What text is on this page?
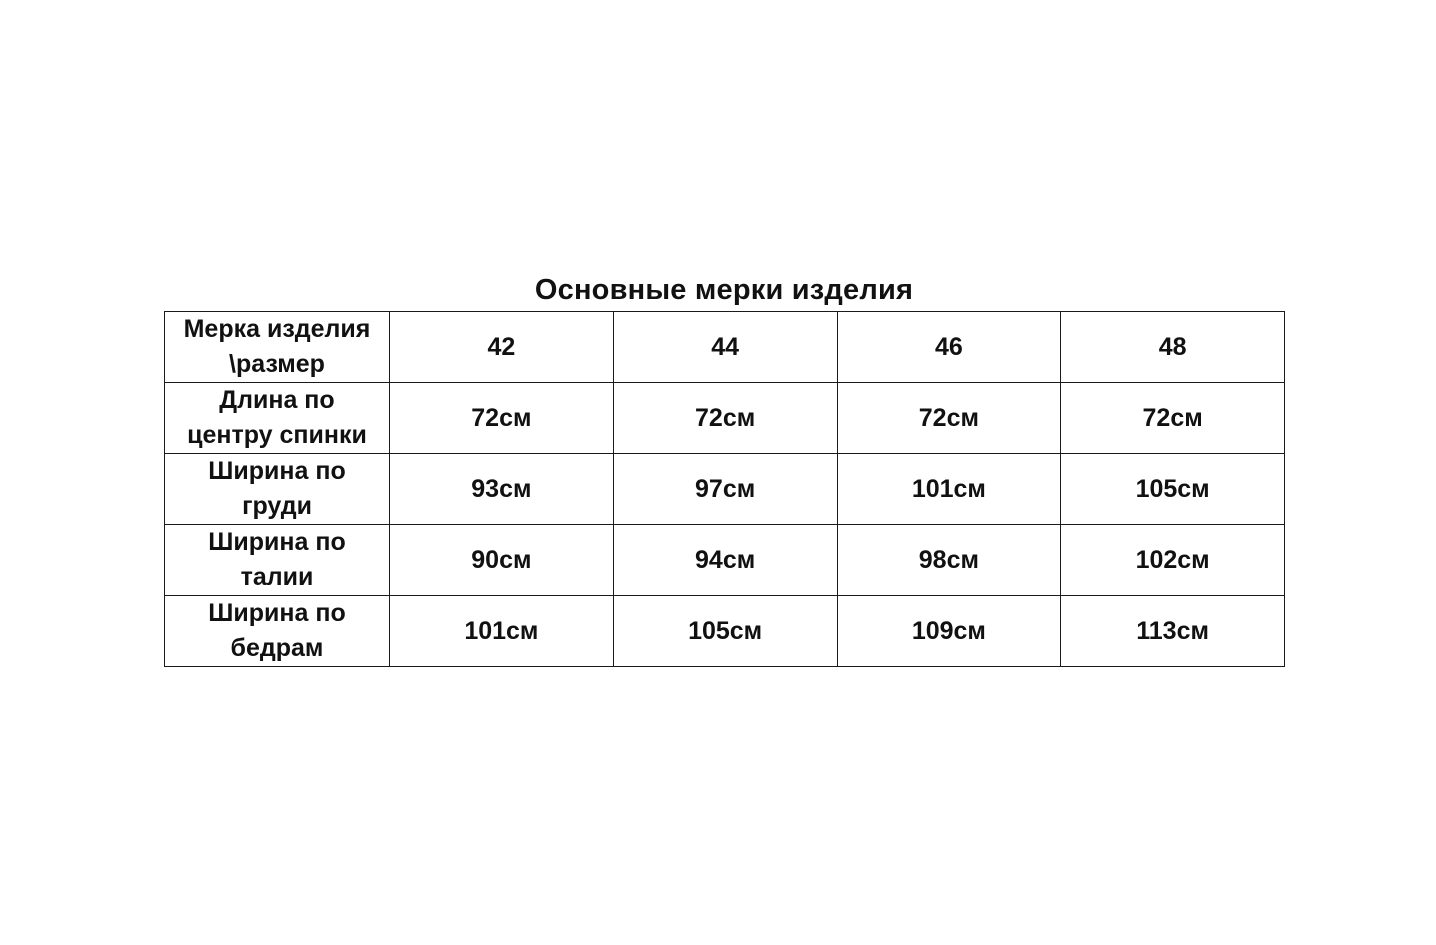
Основные мерки изделия
Мерка изделия
\размер	42	44	46	48

Длина по
центру спинки	72см	72см	72см	72см

Ширина по
груди	93см	97см	101см	105см

Ширина по
талии	90см	94см	98см	102см

Ширина по
бедрам	101см	105см	109см	113см
